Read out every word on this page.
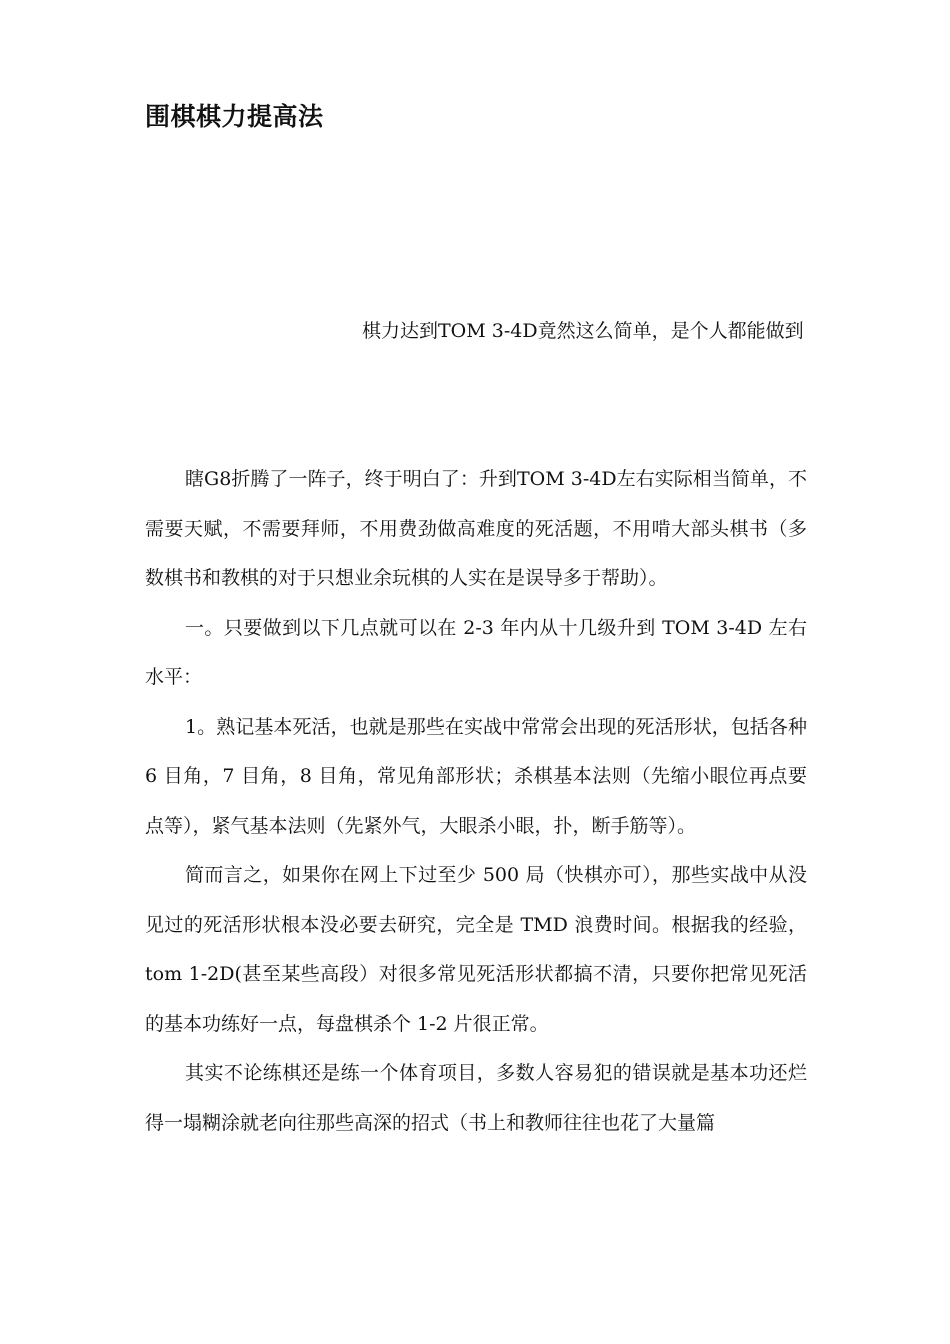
围棋棋力提高法

棋力达到TOM 3-4D竟然这么简单，是个人都能做到

瞎G8折腾了一阵子，终于明白了：升到TOM 3-4D左右实际相当简单，不需要天赋，不需要拜师，不用费劲做高难度的死活题，不用啃大部头棋书（多数棋书和教棋的对于只想业余玩棋的人实在是误导多于帮助）。

一。只要做到以下几点就可以在 2-3 年内从十几级升到 TOM 3-4D 左右水平：

1。熟记基本死活，也就是那些在实战中常常会出现的死活形状，包括各种 6 目角，7 目角，8 目角，常见角部形状；杀棋基本法则（先缩小眼位再点要点等），紧气基本法则（先紧外气，大眼杀小眼，扑，断手筋等）。

简而言之，如果你在网上下过至少 500 局（快棋亦可），那些实战中从没见过的死活形状根本没必要去研究，完全是 TMD 浪费时间。根据我的经验，tom 1-2D(甚至某些高段）对很多常见死活形状都搞不清，只要你把常见死活的基本功练好一点，每盘棋杀个 1-2 片很正常。

其实不论练棋还是练一个体育项目，多数人容易犯的错误就是基本功还烂得一塌糊涂就老向往那些高深的招式（书上和教师往往也花了大量篇
